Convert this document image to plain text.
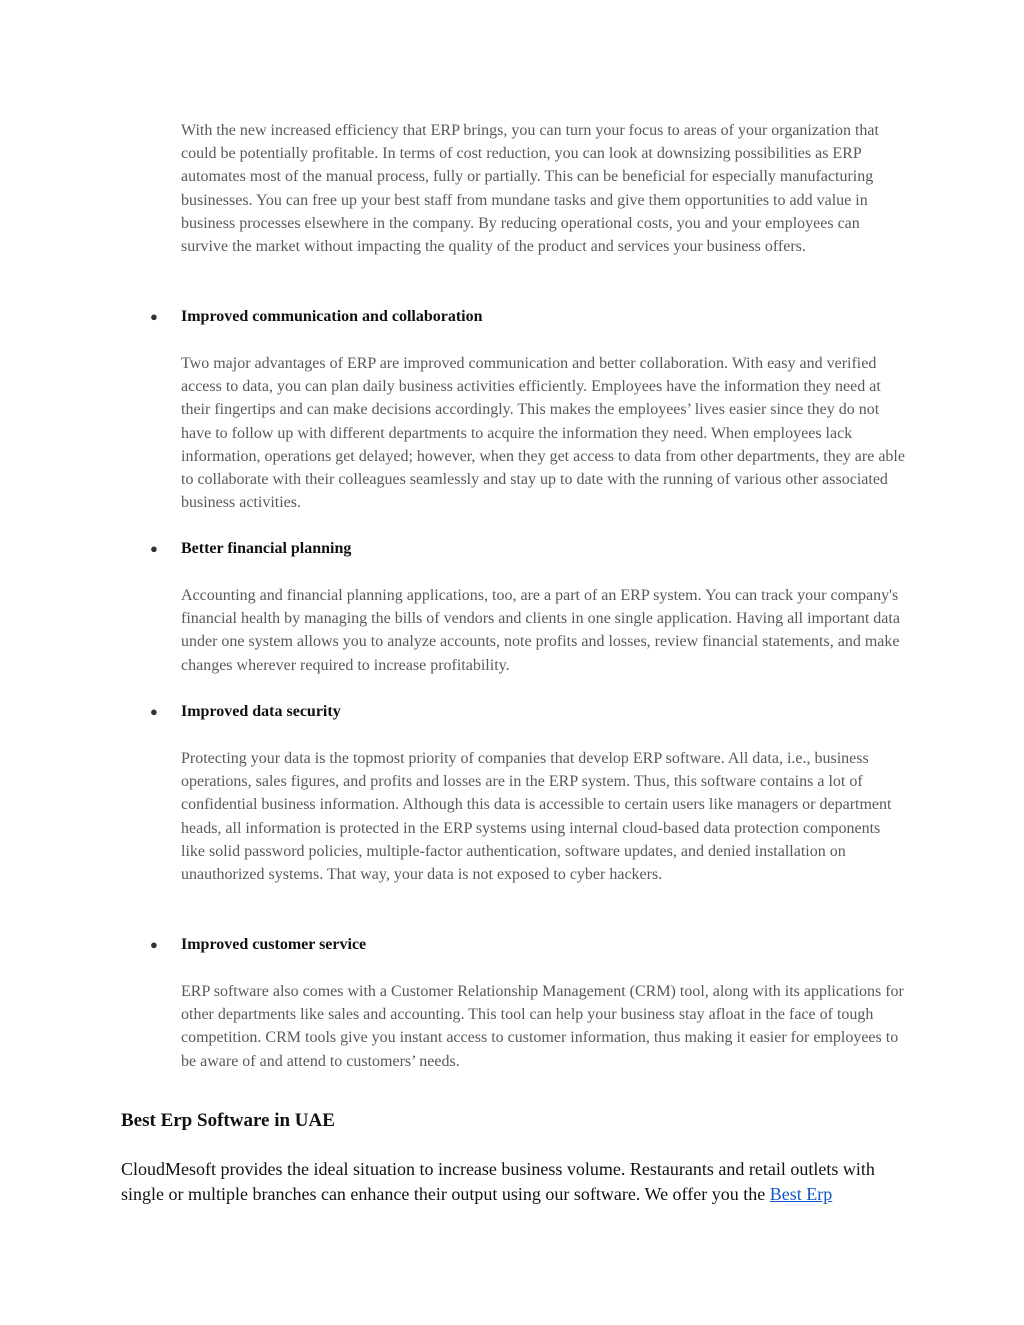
With the new increased efficiency that ERP brings, you can turn your focus to areas of your organization that could be potentially profitable. In terms of cost reduction, you can look at downsizing possibilities as ERP automates most of the manual process, fully or partially. This can be beneficial for especially manufacturing businesses. You can free up your best staff from mundane tasks and give them opportunities to add value in business processes elsewhere in the company. By reducing operational costs, you and your employees can survive the market without impacting the quality of the product and services your business offers.

● Improved communication and collaboration

Two major advantages of ERP are improved communication and better collaboration. With easy and verified access to data, you can plan daily business activities efficiently. Employees have the information they need at their fingertips and can make decisions accordingly. This makes the employees’ lives easier since they do not have to follow up with different departments to acquire the information they need. When employees lack information, operations get delayed; however, when they get access to data from other departments, they are able to collaborate with their colleagues seamlessly and stay up to date with the running of various other associated business activities.

● Better financial planning

Accounting and financial planning applications, too, are a part of an ERP system. You can track your company's financial health by managing the bills of vendors and clients in one single application. Having all important data under one system allows you to analyze accounts, note profits and losses, review financial statements, and make changes wherever required to increase profitability.

● Improved data security

Protecting your data is the topmost priority of companies that develop ERP software. All data, i.e., business operations, sales figures, and profits and losses are in the ERP system. Thus, this software contains a lot of confidential business information. Although this data is accessible to certain users like managers or department heads, all information is protected in the ERP systems using internal cloud-based data protection components like solid password policies, multiple-factor authentication, software updates, and denied installation on unauthorized systems. That way, your data is not exposed to cyber hackers.

● Improved customer service

ERP software also comes with a Customer Relationship Management (CRM) tool, along with its applications for other departments like sales and accounting. This tool can help your business stay afloat in the face of tough competition. CRM tools give you instant access to customer information, thus making it easier for employees to be aware of and attend to customers’ needs.

Best Erp Software in UAE

CloudMesoft provides the ideal situation to increase business volume. Restaurants and retail outlets with single or multiple branches can enhance their output using our software. We offer you the Best Erp
